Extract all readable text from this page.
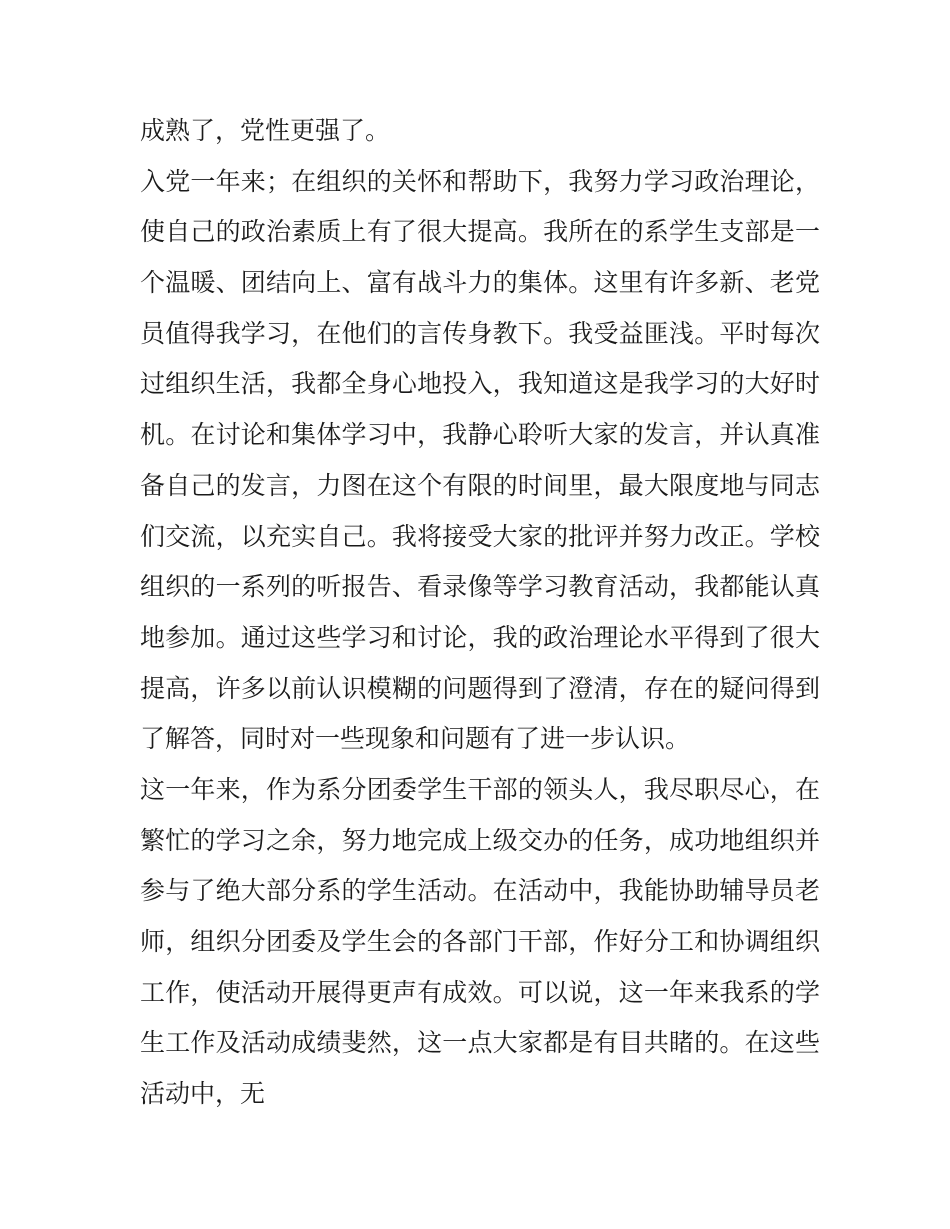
成熟了，党性更强了。
入党一年来；在组织的关怀和帮助下，我努力学习政治理论，
使自己的政治素质上有了很大提高。我所在的系学生支部是一
个温暖、团结向上、富有战斗力的集体。这里有许多新、老党
员值得我学习，在他们的言传身教下。我受益匪浅。平时每次
过组织生活，我都全身心地投入，我知道这是我学习的大好时
机。在讨论和集体学习中，我静心聆听大家的发言，并认真准
备自己的发言，力图在这个有限的时间里，最大限度地与同志
们交流，以充实自己。我将接受大家的批评并努力改正。学校
组织的一系列的听报告、看录像等学习教育活动，我都能认真
地参加。通过这些学习和讨论，我的政治理论水平得到了很大
提高，许多以前认识模糊的问题得到了澄清，存在的疑问得到
了解答，同时对一些现象和问题有了进一步认识。
这一年来，作为系分团委学生干部的领头人，我尽职尽心，在
繁忙的学习之余，努力地完成上级交办的任务，成功地组织并
参与了绝大部分系的学生活动。在活动中，我能协助辅导员老
师，组织分团委及学生会的各部门干部，作好分工和协调组织
工作，使活动开展得更声有成效。可以说，这一年来我系的学
生工作及活动成绩斐然，这一点大家都是有目共睹的。在这些
活动中，无
